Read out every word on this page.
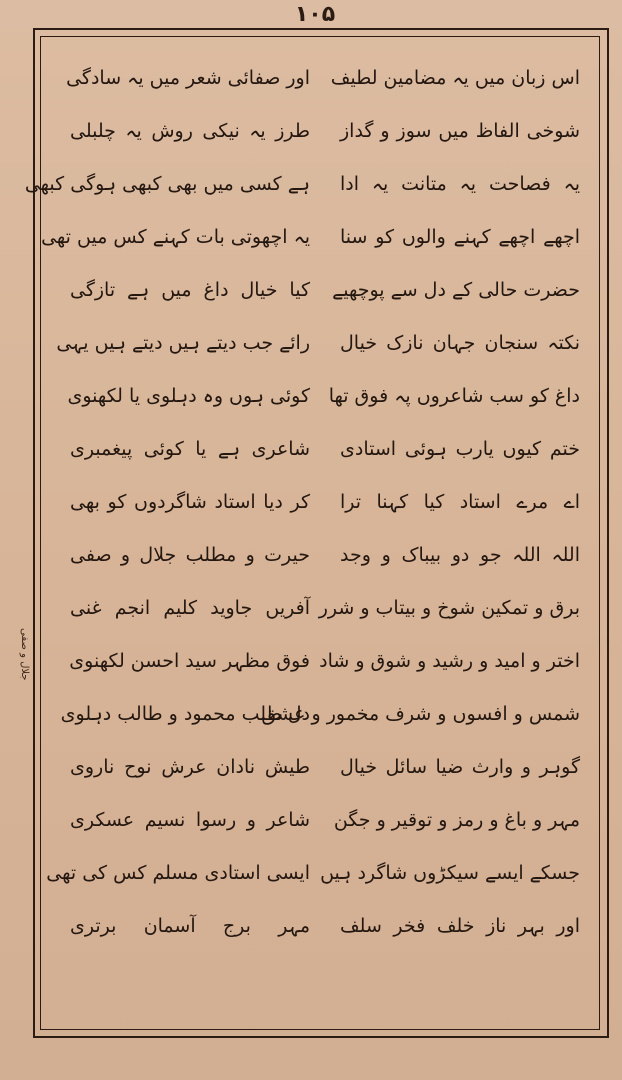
۱۰۵
اس زبان میں یہ مضامین لطیف
اور صفائی شعر میں یہ سادگی
شوخی الفاظ میں سوز و گداز
طرز یہ نیکی روش یہ چلبلی
یہ فصاحت یہ متانت یہ ادا
ہے کسی میں بھی کبھی ہوگی کبھی
اچھے اچھے کہنے والوں کو سنا
یہ اچھوتی بات کہنے کس میں تھی
حضرت حالی کے دل سے پوچھیے
کیا خیال داغ میں ہے تازگی
نکتہ سنجان جہان نازک خیال
رائے جب دیتے ہیں دیتے ہیں یہی
داغ کو سب شاعروں پہ فوق تھا
کوئی ہوں وہ دہلوی یا لکھنوی
ختم کیوں یارب ہوئی استادی
شاعری ہے یا کوئی پیغمبری
اے مرے استاد کیا کہنا ترا
کر دیا استاد شاگردوں کو بھی
اللہ اللہ جو دو بیباک و وجد
حیرت و مطلب جلال و صفی
برق و تمکین شوخ و بیتاب و شرر
آفریں جاوید کلیم انجم غنی
اختر و امید و رشید و شوق و شاد
فوق مظہر سید احسن لکھنوی
شمس و افسوں و شرف مخمور و عشق
دل طلب محمود و طالب دہلوی
گوہر و وارث ضیا سائل خیال
طیش نادان عرش نوح ناروی
مہر و باغ و رمز و توقیر و جگن
شاعر و رسوا نسیم عسکری
جسکے ایسے سیکڑوں شاگرد ہیں
ایسی استادی مسلم کس کی تھی
اور بہر ناز خلف فخر سلف
مہر برج آسمان برتری
جلال و صفی
